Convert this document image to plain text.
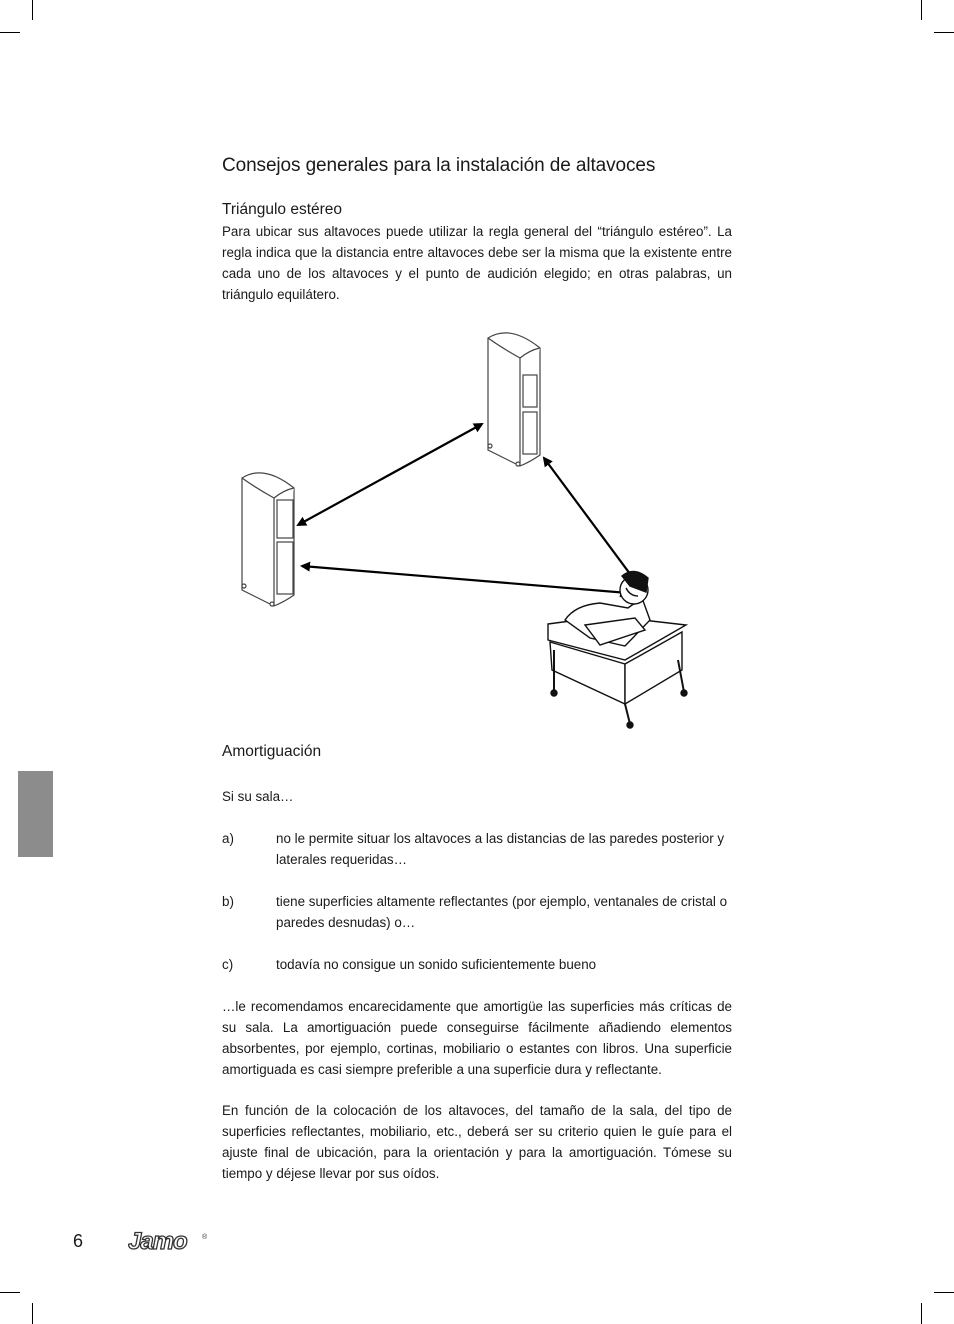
Consejos generales para la instalación de altavoces
Triángulo estéreo

Para ubicar sus altavoces puede utilizar la regla general del “triángulo estéreo”. La regla indica que la distancia entre altavoces debe ser la misma que la existente entre cada uno de los altavoces y el punto de audición elegido; en otras palabras, un triángulo equilátero.

Amortiguación

Si su sala…

a)	no le permite situar los altavoces a las distancias de las paredes posterior y laterales requeridas…
b)	tiene superficies altamente reflectantes (por ejemplo, ventanales de cristal o paredes desnudas) o…
c)	todavía no consigue un sonido suficientemente bueno

…le recomendamos encarecidamente que amortigüe las superficies más críticas de su sala. La amortiguación puede conseguirse fácilmente añadiendo elementos absorbentes, por ejemplo, cortinas, mobiliario o estantes con libros. Una superficie amortiguada es casi siempre preferible a una superficie dura y reflectante.

En función de la colocación de los altavoces, del tamaño de la sala, del tipo de superficies reflectantes, mobiliario, etc., deberá ser su criterio quien le guíe para el ajuste final de ubicación, para la orientación y para la amortiguación. Tómese su tiempo y déjese llevar por sus oídos.

6 Jamo ®
